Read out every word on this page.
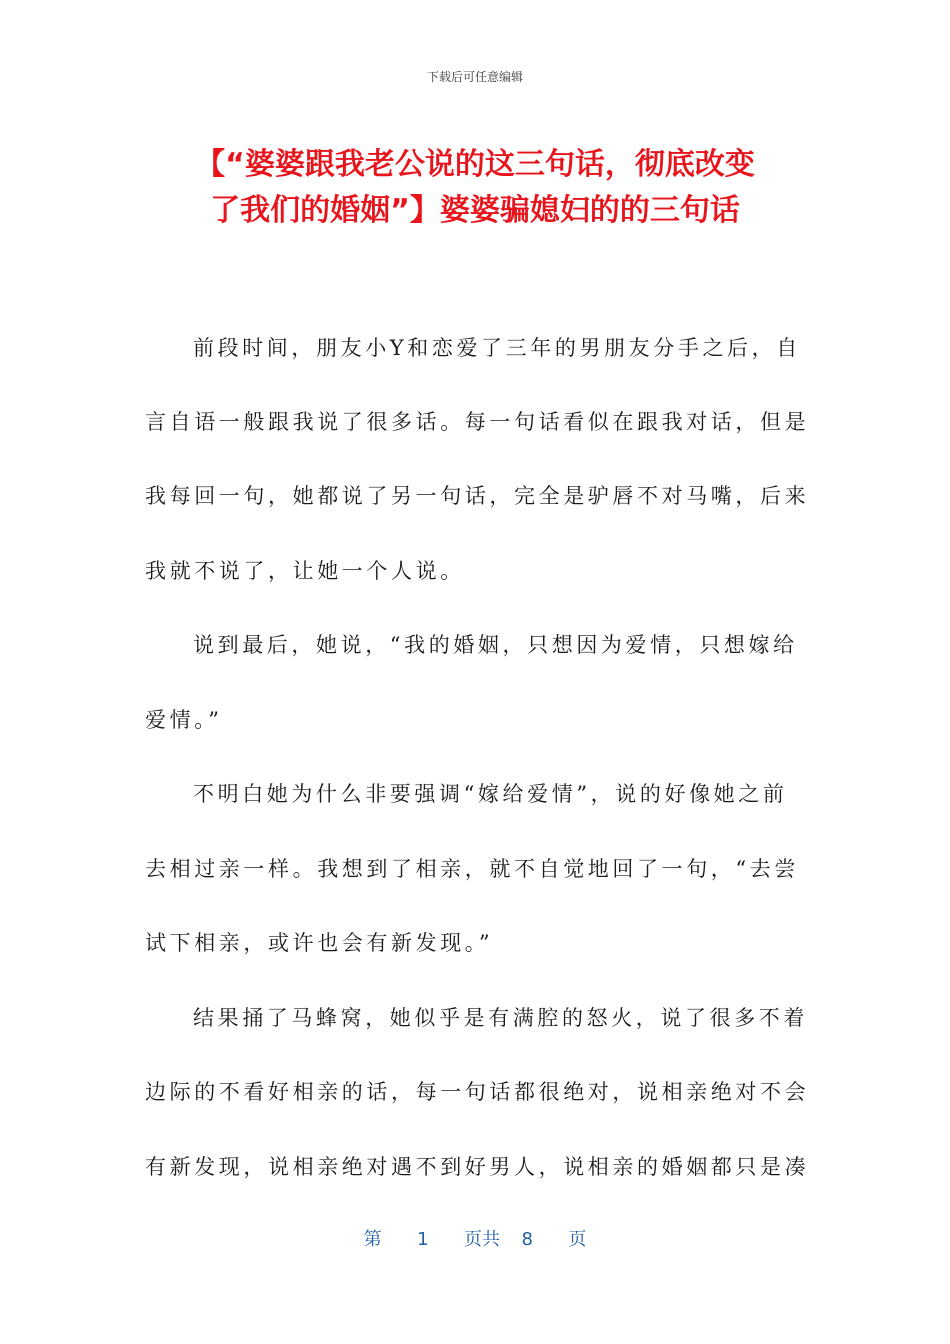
下载后可任意编辑
【“婆婆跟我老公说的这三句话，彻底改变
了我们的婚姻”】婆婆骗媳妇的的三句话
前段时间，朋友小Y和恋爱了三年的男朋友分手之后，自
言自语一般跟我说了很多话。每一句话看似在跟我对话，但是
我每回一句，她都说了另一句话，完全是驴唇不对马嘴，后来
我就不说了，让她一个人说。
说到最后，她说，“我的婚姻，只想因为爱情，只想嫁给
爱情。”
不明白她为什么非要强调“嫁给爱情”，说的好像她之前
去相过亲一样。我想到了相亲，就不自觉地回了一句，“去尝
试下相亲，或许也会有新发现。”
结果捅了马蜂窝，她似乎是有满腔的怒火，说了很多不着
边际的不看好相亲的话，每一句话都很绝对，说相亲绝对不会
有新发现，说相亲绝对遇不到好男人，说相亲的婚姻都只是凑
第 1 页共 8 页
